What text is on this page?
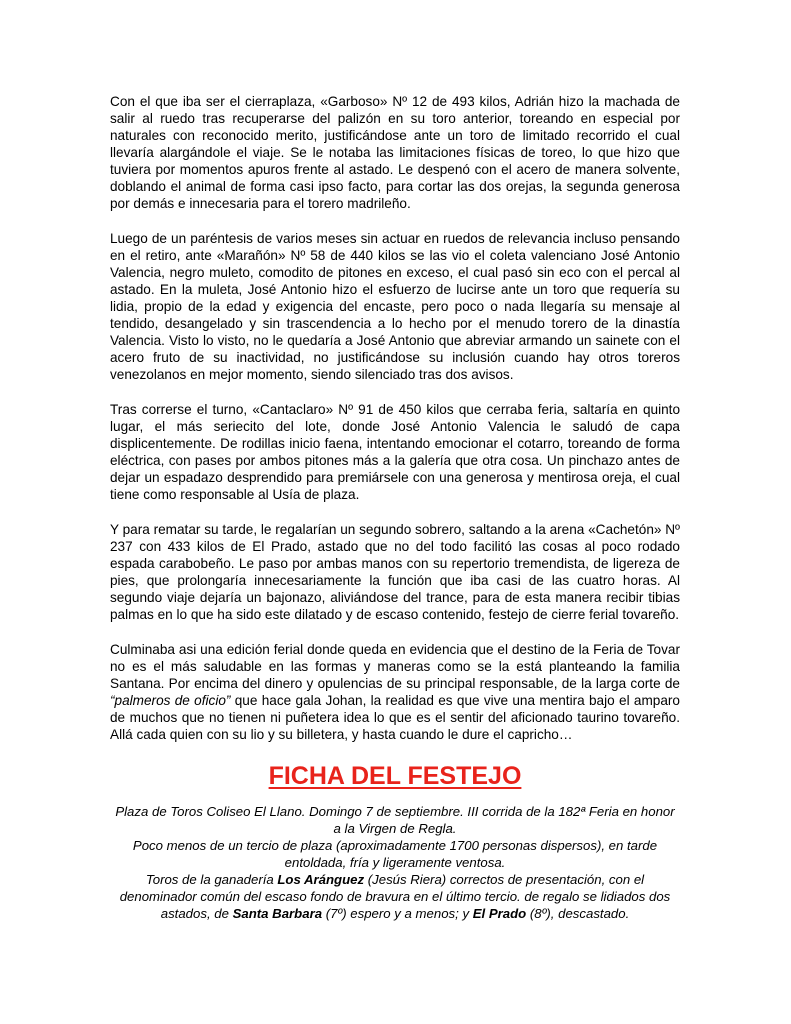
Con el que iba ser el cierraplaza, «Garboso» Nº 12 de 493 kilos, Adrián hizo la machada de salir al ruedo tras recuperarse del palizón en su toro anterior, toreando en especial por naturales con reconocido merito, justificándose ante un toro de limitado recorrido el cual llevaría alargándole el viaje. Se le notaba las limitaciones físicas de toreo, lo que hizo que tuviera por momentos apuros frente al astado. Le despenó con el acero de manera solvente, doblando el animal de forma casi ipso facto, para cortar las dos orejas, la segunda generosa por demás e innecesaria para el torero madrileño.

Luego de un paréntesis de varios meses sin actuar en ruedos de relevancia incluso pensando en el retiro, ante «Marañón» Nº 58 de 440 kilos se las vio el coleta valenciano José Antonio Valencia, negro muleto, comodito de pitones en exceso, el cual pasó sin eco con el percal al astado. En la muleta, José Antonio hizo el esfuerzo de lucirse ante un toro que requería su lidia, propio de la edad y exigencia del encaste, pero poco o nada llegaría su mensaje al tendido, desangelado y sin trascendencia a lo hecho por el menudo torero de la dinastía Valencia. Visto lo visto, no le quedaría a José Antonio que abreviar armando un sainete con el acero fruto de su inactividad, no justificándose su inclusión cuando hay otros toreros venezolanos en mejor momento, siendo silenciado tras dos avisos.

Tras correrse el turno, «Cantaclaro» Nº 91 de 450 kilos que cerraba feria, saltaría en quinto lugar, el más seriecito del lote, donde José Antonio Valencia le saludó de capa displicentemente. De rodillas inicio faena, intentando emocionar el cotarro, toreando de forma eléctrica, con pases por ambos pitones más a la galería que otra cosa. Un pinchazo antes de dejar un espadazo desprendido para premiársele con una generosa y mentirosa oreja, el cual tiene como responsable al Usía de plaza.

Y para rematar su tarde, le regalarían un segundo sobrero, saltando a la arena «Cachetón» Nº 237 con 433 kilos de El Prado, astado que no del todo facilitó las cosas al poco rodado espada carabobeño. Le paso por ambas manos con su repertorio tremendista, de ligereza de pies, que prolongaría innecesariamente la función que iba casi de las cuatro horas. Al segundo viaje dejaría un bajonazo, aliviándose del trance, para de esta manera recibir tibias palmas en lo que ha sido este dilatado y de escaso contenido, festejo de cierre ferial tovareño.

Culminaba asi una edición ferial donde queda en evidencia que el destino de la Feria de Tovar no es el más saludable en las formas y maneras como se la está planteando la familia Santana. Por encima del dinero y opulencias de su principal responsable, de la larga corte de “palmeros de oficio” que hace gala Johan, la realidad es que vive una mentira bajo el amparo de muchos que no tienen ni puñetera idea lo que es el sentir del aficionado taurino tovareño. Allá cada quien con su lio y su billetera, y hasta cuando le dure el capricho…

FICHA DEL FESTEJO

Plaza de Toros Coliseo El Llano. Domingo 7 de septiembre. III corrida de la 182ª Feria en honor a la Virgen de Regla.

Poco menos de un tercio de plaza (aproximadamente 1700 personas dispersos), en tarde entoldada, fría y ligeramente ventosa.

Toros de la ganadería Los Aránguez (Jesús Riera) correctos de presentación, con el denominador común del escaso fondo de bravura en el último tercio. de regalo se lidiados dos astados, de Santa Barbara (7º) espero y a menos; y El Prado (8º), descastado.
